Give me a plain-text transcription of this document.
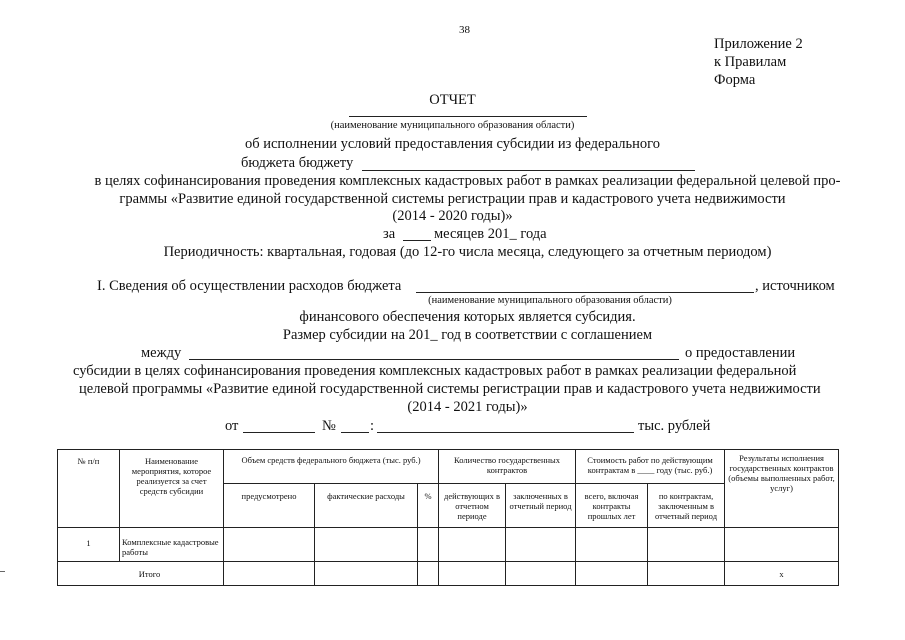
38
Приложение 2
к Правилам
Форма
ОТЧЕТ
(наименование муниципального образования области)
об исполнении условий предоставления субсидии из федерального
бюджета бюджету
в целях софинансирования проведения комплексных кадастровых работ в рамках реализации федеральной целевой про-
граммы «Развитие единой государственной системы регистрации прав и кадастрового учета недвижимости
(2014 - 2020 годы)»
за	месяцев 201_ года
Периодичность: квартальная, годовая (до 12-го числа месяца, следующего за отчетным периодом)
I. Сведения об осуществлении расходов бюджета	, источником
(наименование муниципального образования области)
финансового обеспечения которых является субсидия.
Размер субсидии на 201_ год в соответствии с соглашением
между	о предоставлении
субсидии в целях софинансирования проведения комплексных кадастровых работ в рамках реализации федеральной
целевой программы «Развитие единой государственной системы регистрации прав и кадастрового учета недвижимости
(2014 - 2021 годы)»
от	№ :	тыс. рублей
№ п/п	Наименование мероприятия, которое реализуется за счет средств субсидии	Объем средств федерального бюджета (тыс. руб.)			Количество государственных контрактов		Стоимость работ по действующим контрактам в ____ году (тыс. руб.)		Результаты исполнения государственных контрактов (объемы выполненных работ, услуг)
		предусмотрено	фактические расходы	%	действующих в отчетном периоде	заключенных в отчетный период	всего, включая контракты прошлых лет	по контрактам, заключенным в отчетный период	
1	Комплексные кадастровые работы								
Итого									х
